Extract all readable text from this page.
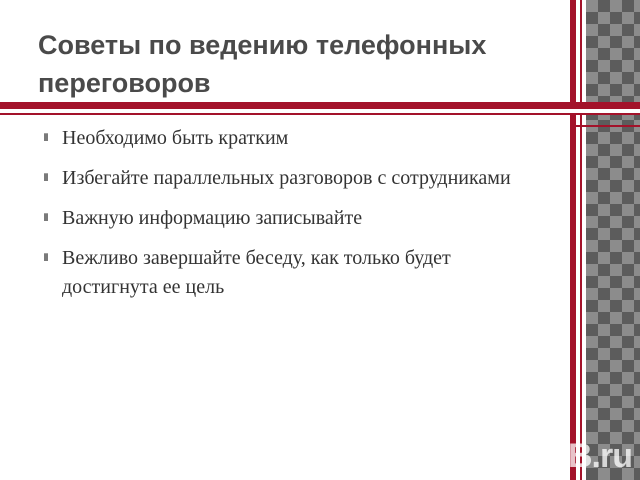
Советы по ведению телефонных переговоров
Необходимо быть кратким
Избегайте параллельных разговоров с сотрудниками
Важную информацию записывайте
Вежливо завершайте беседу, как только будет достигнута ее цель
B.ru
